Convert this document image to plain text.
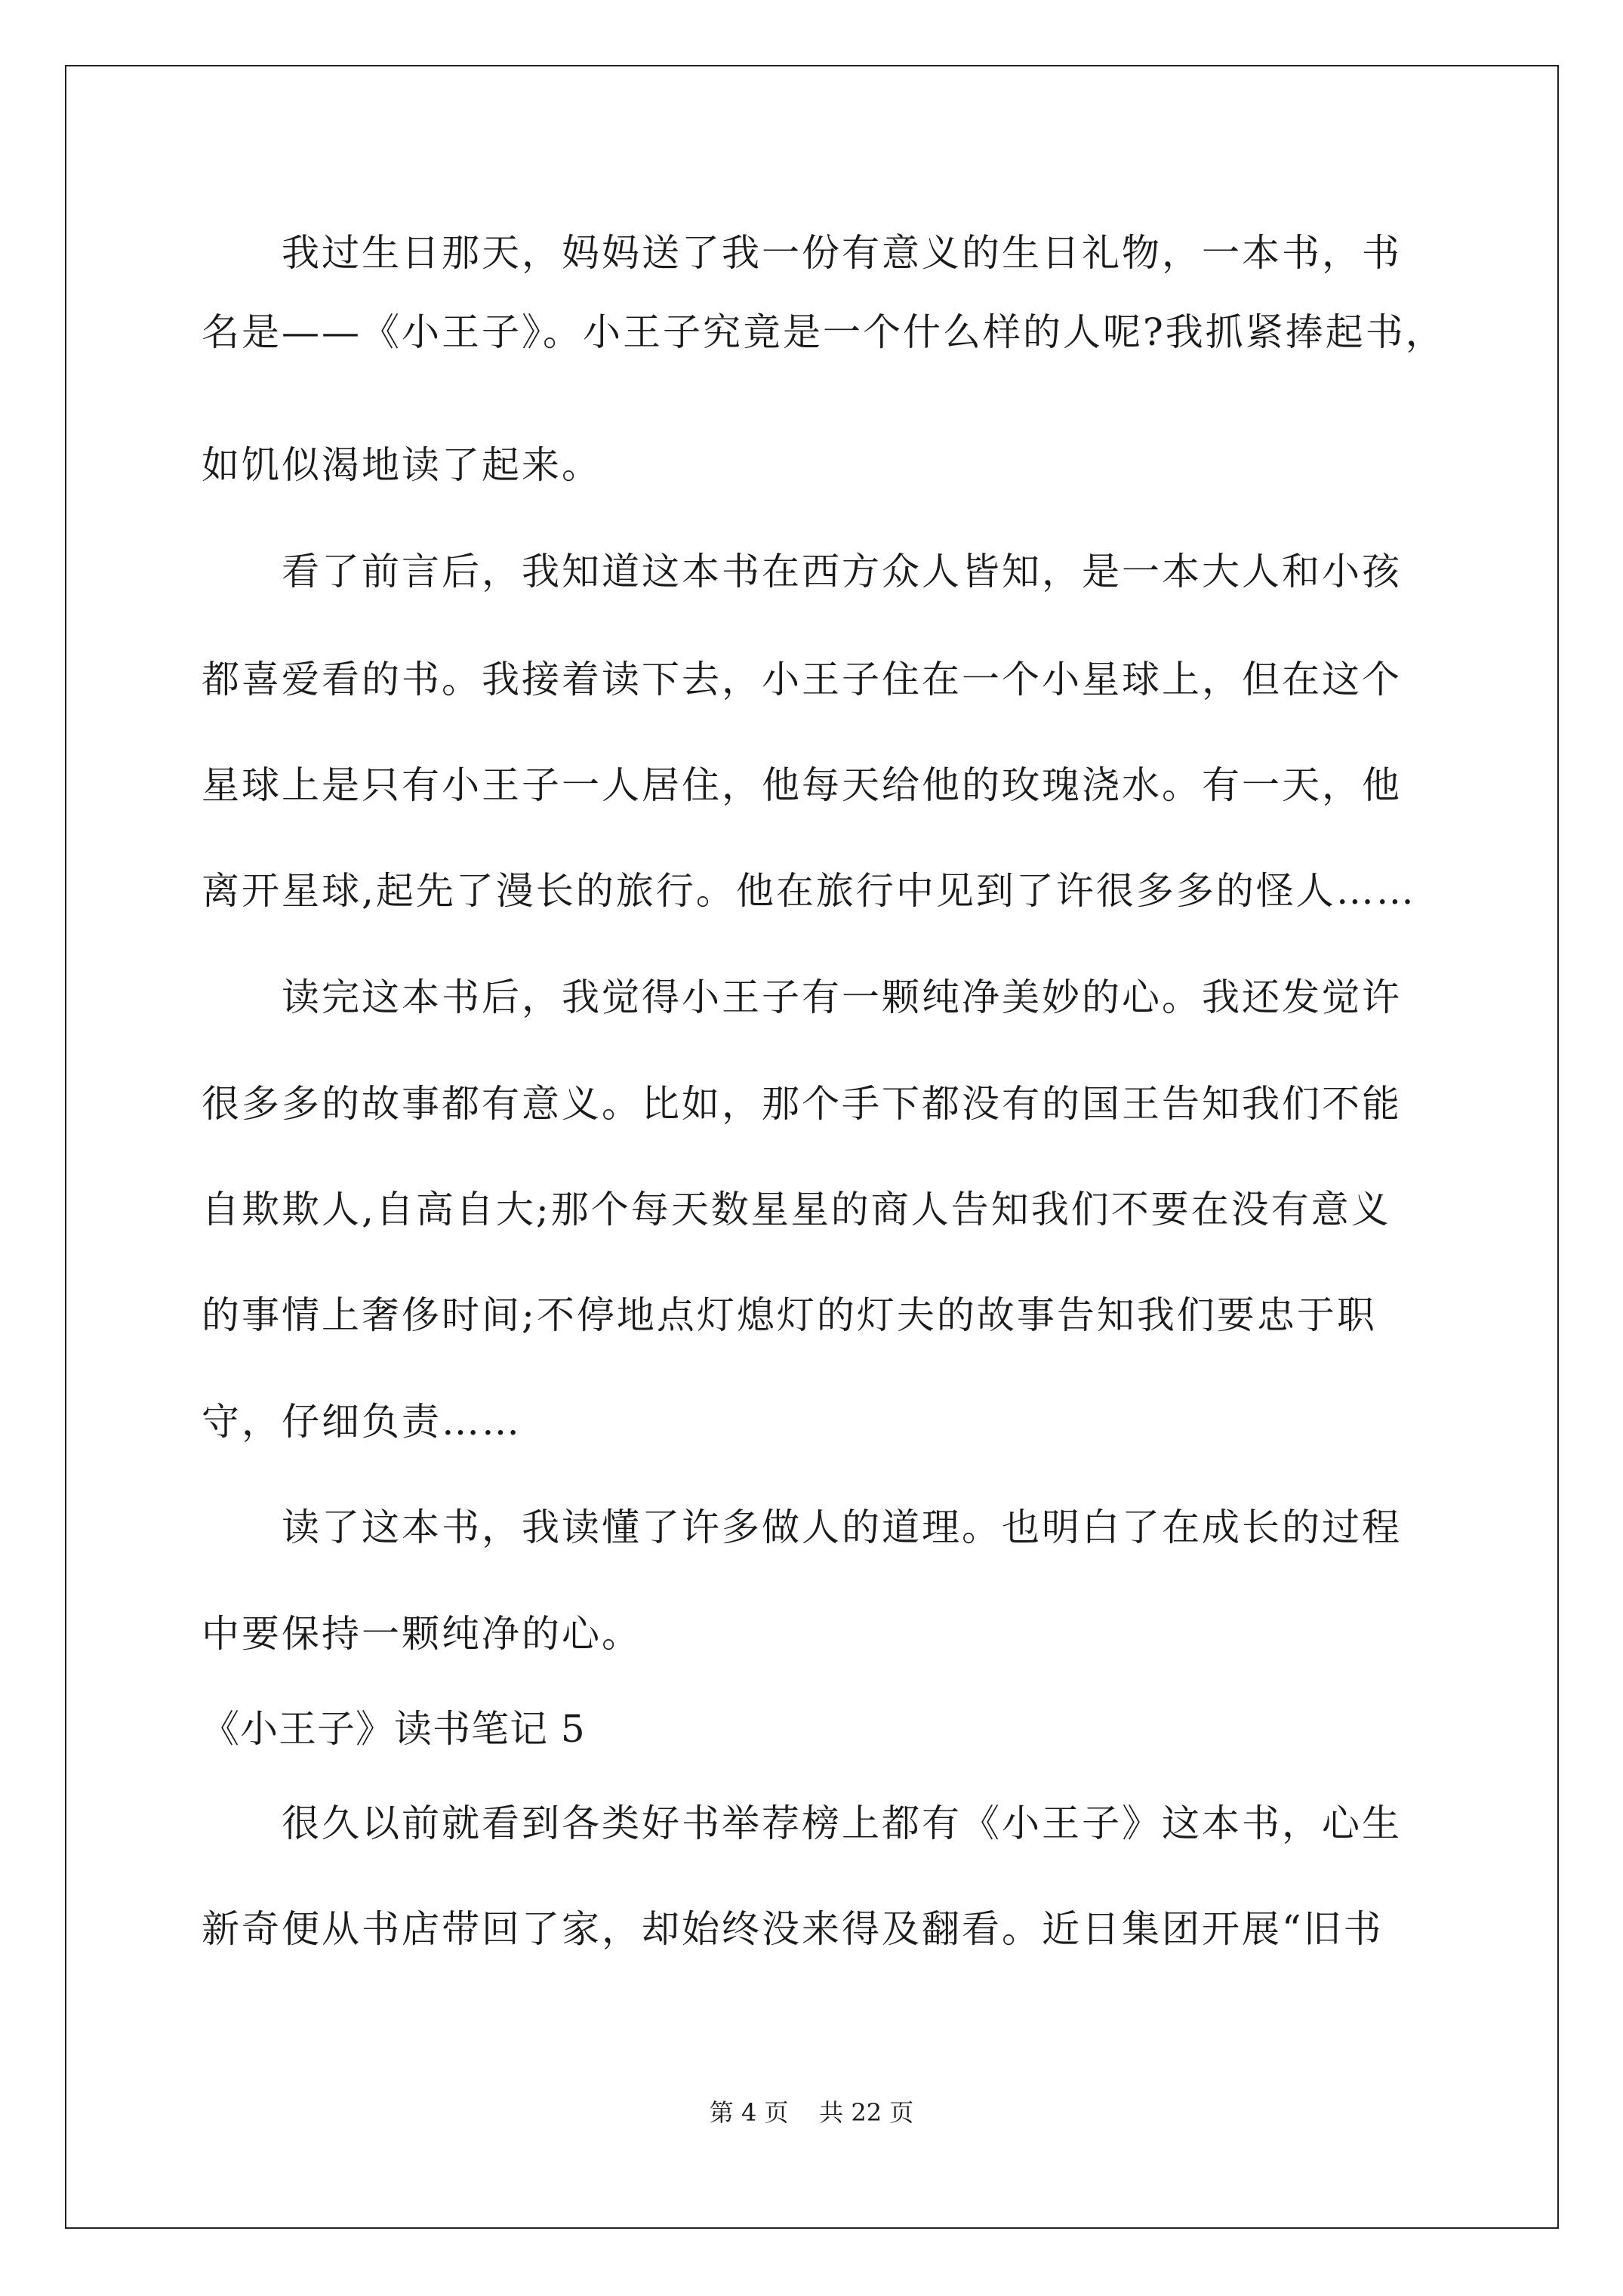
我过生日那天，妈妈送了我一份有意义的生日礼物，一本书，书
名是——《小王子》。小王子究竟是一个什么样的人呢?我抓紧捧起书，
如饥似渴地读了起来。
看了前言后，我知道这本书在西方众人皆知，是一本大人和小孩
都喜爱看的书。我接着读下去，小王子住在一个小星球上，但在这个
星球上是只有小王子一人居住，他每天给他的玫瑰浇水。有一天，他
离开星球,起先了漫长的旅行。他在旅行中见到了许很多多的怪人……
读完这本书后，我觉得小王子有一颗纯净美妙的心。我还发觉许
很多多的故事都有意义。比如，那个手下都没有的国王告知我们不能
自欺欺人,自高自大;那个每天数星星的商人告知我们不要在没有意义
的事情上奢侈时间;不停地点灯熄灯的灯夫的故事告知我们要忠于职
守，仔细负责……
读了这本书，我读懂了许多做人的道理。也明白了在成长的过程
中要保持一颗纯净的心。
《小王子》读书笔记 5
很久以前就看到各类好书举荐榜上都有《小王子》这本书，心生
新奇便从书店带回了家，却始终没来得及翻看。近日集团开展“旧书
第 4 页    共 22 页
